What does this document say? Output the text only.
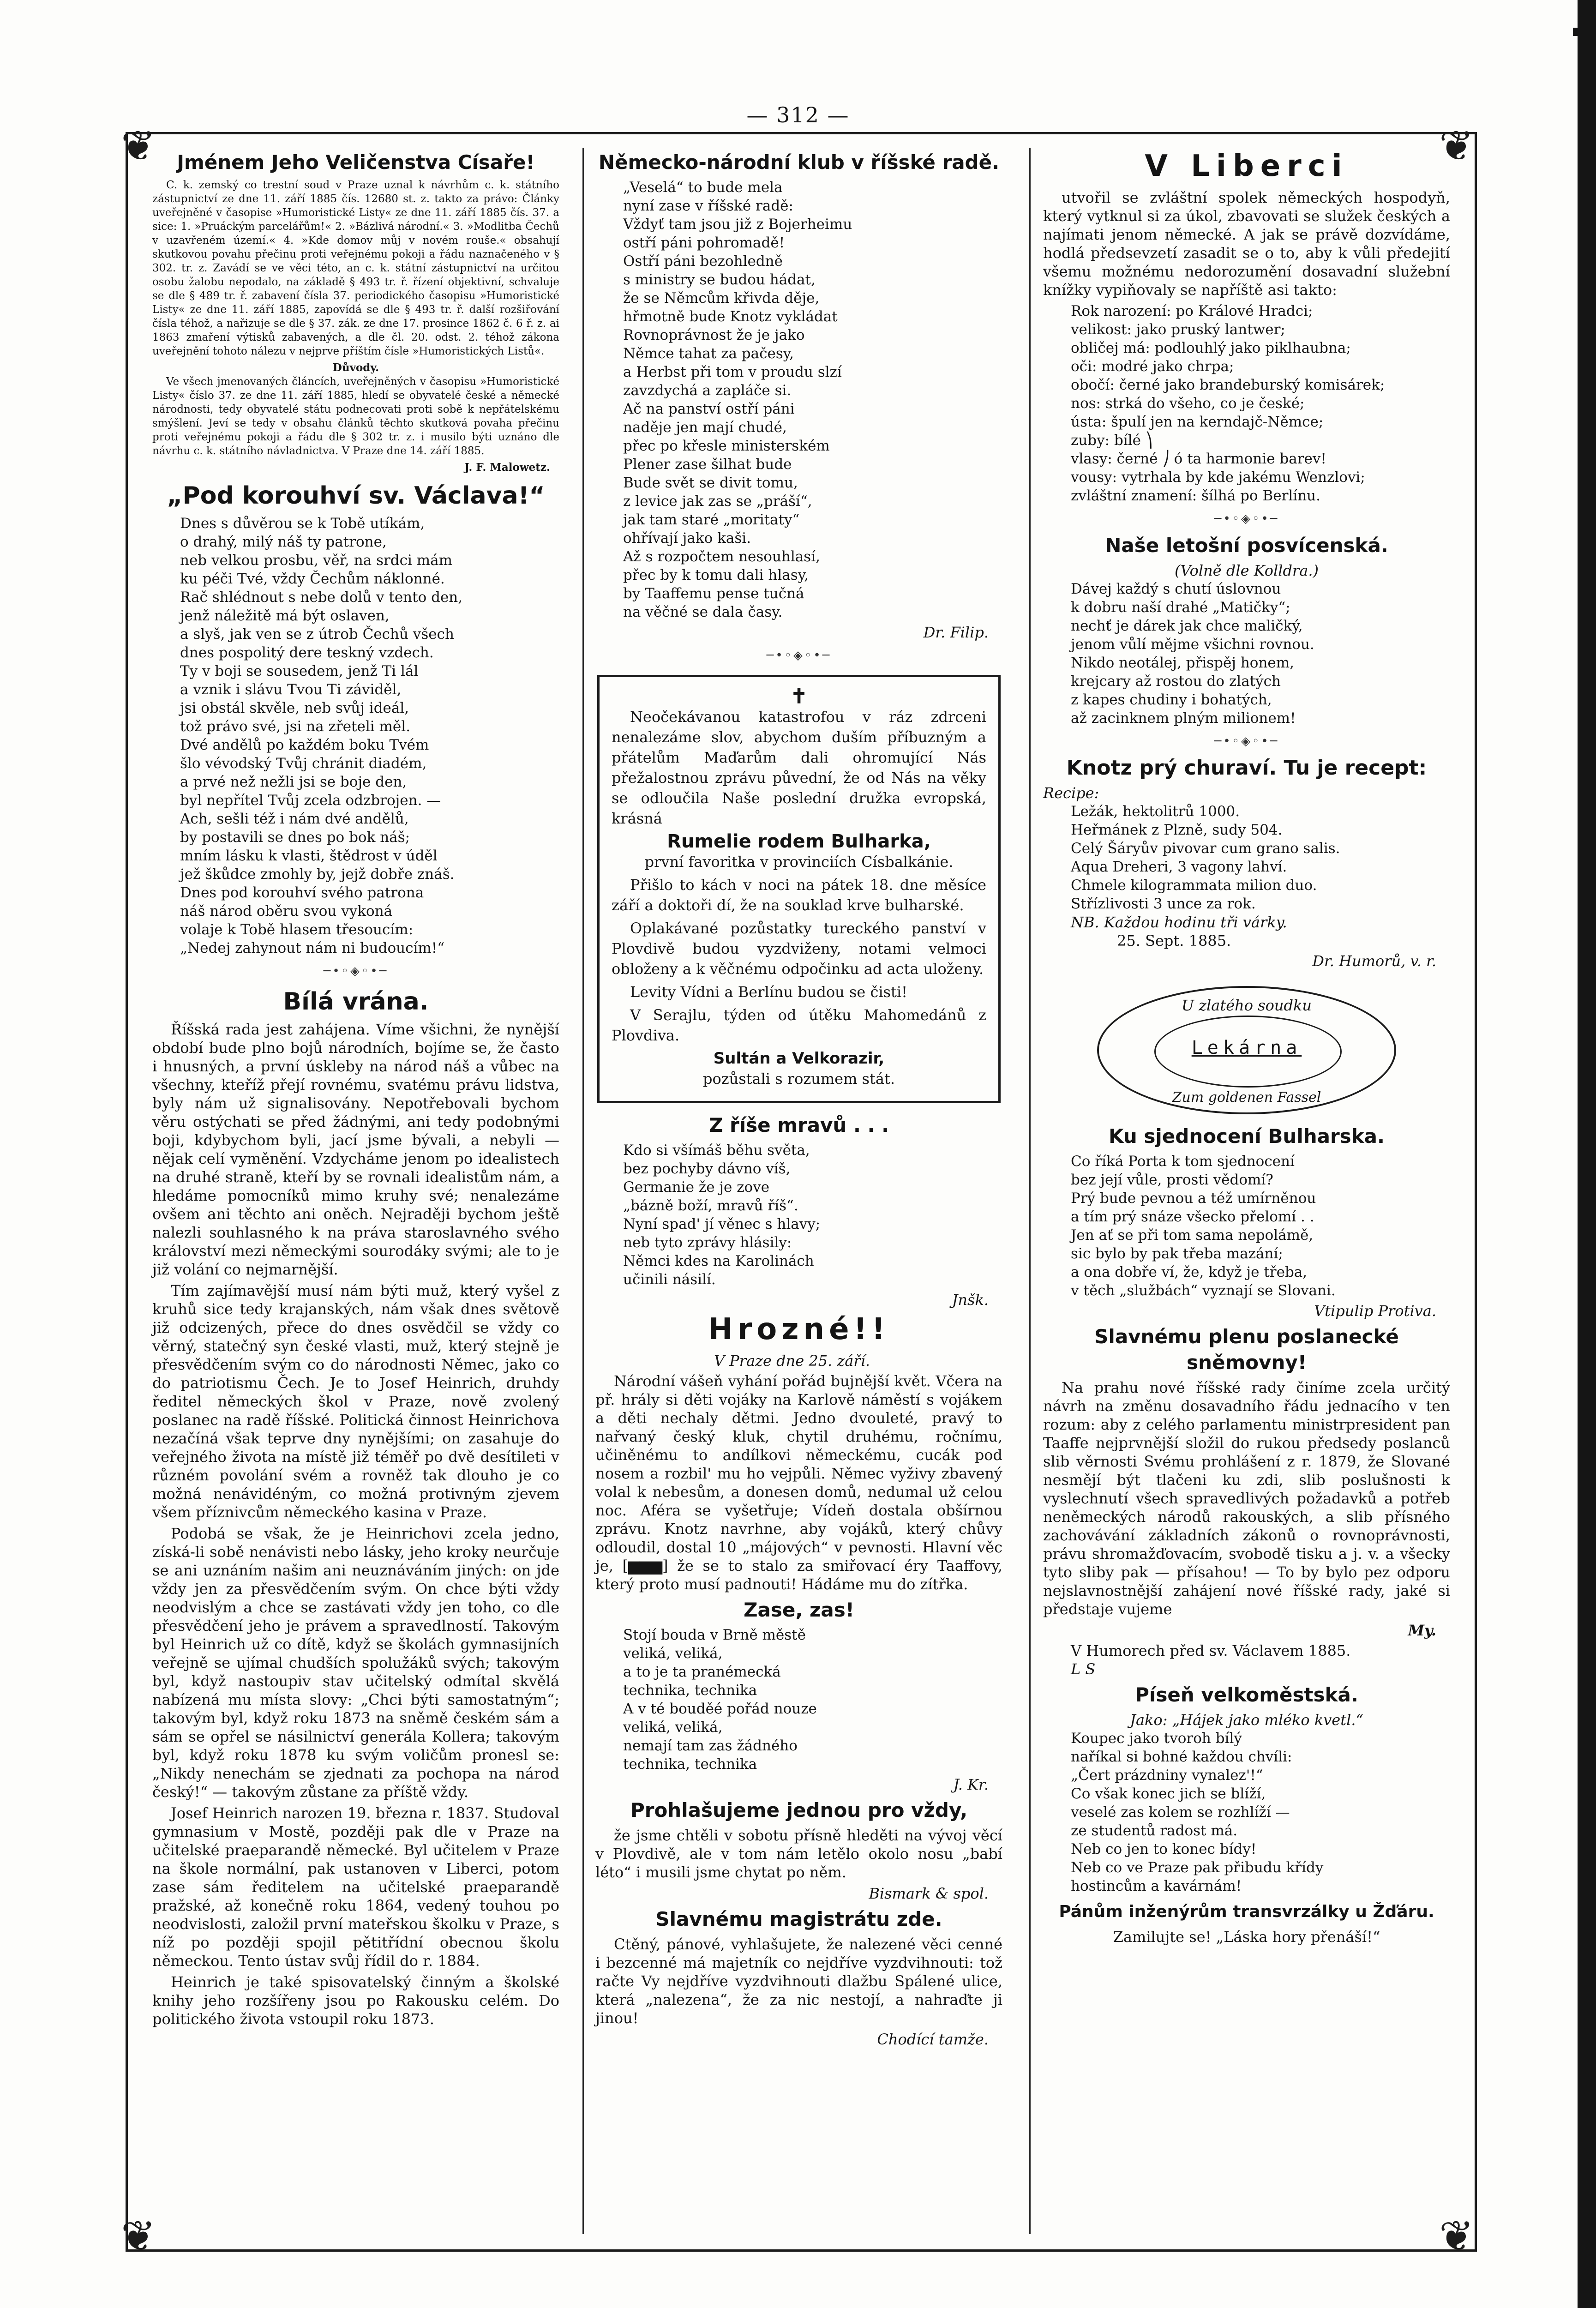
— 312 —
❦	❦
❦	❦
Jménem Jeho Veličenstva Císaře!

C. k. zemský co trestní soud v Praze uznal k návrhům c. k. státního zástupnictví ze dne 11. září 1885 čís. 12680 st. z. takto za právo: Články uveřejněné v časopise »Humoristické Listy« ze dne 11. září 1885 čís. 37. a sice: 1. »Pruáckým parcelářům!« 2. »Bázlivá národní.« 3. »Modlitba Čechů v uzavřeném území.« 4. »Kde domov můj v novém rouše.« obsahují skutkovou povahu přečinu proti veřejnému pokoji a řádu naznačeného v § 302. tr. z. Zavádí se ve věci této, an c. k. státní zástupnictví na určitou osobu žalobu nepodalo, na základě § 493 tr. ř. řízení objektivní, schvaluje se dle § 489 tr. ř. zabavení čísla 37. periodického časopisu »Humoristické Listy« ze dne 11. září 1885, zapovídá se dle § 493 tr. ř. další rozšiřování čísla téhož, a nařizuje se dle § 37. zák. ze dne 17. prosince 1862 č. 6 ř. z. ai 1863 zmaření výtisků zabavených, a dle čl. 20. odst. 2. téhož zákona uveřejnění tohoto nálezu v nejprve příštím čísle »Humoristických Listů«.

Důvody.

Ve všech jmenovaných článcích, uveřejněných v časopisu »Humoristické Listy« číslo 37. ze dne 11. září 1885, hledí se obyvatelé české a německé národnosti, tedy obyvatelé státu podnecovati proti sobě k nepřátelskému smýšlení. Jeví se tedy v obsahu článků těchto skutková povaha přečinu proti veřejnému pokoji a řádu dle § 302 tr. z. i musilo býti uznáno dle návrhu c. k. státního návladnictva. V Praze dne 14. září 1885.

J. F. Malowetz.
„Pod korouhví sv. Václava!“
Dnes s důvěrou se k Tobě utíkám,
o drahý, milý náš ty patrone,
neb velkou prosbu, věř, na srdci mám
ku péči Tvé, vždy Čechům náklonné.
Rač shlédnout s nebe dolů v tento den,
jenž náležitě má být oslaven,
a slyš, jak ven se z útrob Čechů všech
dnes pospolitý dere teskný vzdech.
Ty v boji se sousedem, jenž Ti lál
a vznik i slávu Tvou Ti záviděl,
jsi obstál skvěle, neb svůj ideál,
tož právo své, jsi na zřeteli měl.
Dvé andělů po každém boku Tvém
šlo vévodský Tvůj chránit diadém,
a prvé než nežli jsi se boje den,
byl nepřítel Tvůj zcela odzbrojen. —
Ach, sešli též i nám dvé andělů,
by postavili se dnes po bok náš;
mním lásku k vlasti, štědrost v úděl
jež škůdce zmohly by, jejž dobře znáš.
Dnes pod korouhví svého patrona
náš národ oběru svou vykoná
volaje k Tobě hlasem třesoucím:
„Nedej zahynout nám ni budoucím!“
─•◦◈◦•─
Bílá vrána.

Říšská rada jest zahájena. Víme všichni, že nynější období bude plno bojů národních, bojíme se, že často i hnusných, a první úskleby na národ náš a vůbec na všechny, kteříž přejí rovnému, svatému právu lidstva, byly nám už signalisovány. Nepotřebovali bychom věru ostýchati se před žádnými, ani tedy podobnými boji, kdybychom byli, jací jsme bývali, a nebyli — nějak celí vyměnění. Vzdycháme jenom po idealistech na druhé straně, kteří by se rovnali idealistům nám, a hledáme pomocníků mimo kruhy své; nenalezáme ovšem ani těchto ani oněch. Nejraději bychom ještě nalezli souhlasného k na práva staroslavného svého království mezi německými sourodáky svými; ale to je již volání co nejmarnější.

Tím zajímavější musí nám býti muž, který vyšel z kruhů sice tedy krajanských, nám však dnes světově již odcizených, přece do dnes osvědčil se vždy co věrný, statečný syn české vlasti, muž, který stejně je přesvědčením svým co do národnosti Němec, jako co do patriotismu Čech. Je to Josef Heinrich, druhdy ředitel německých škol v Praze, nově zvolený poslanec na radě říšské. Politická činnost Heinrichova nezačíná však teprve dny nynějšími; on zasahuje do veřejného života na místě již téměř po dvě desítileti v různém povolání svém a rovněž tak dlouho je co možná nenávidéným, co možná protivným zjevem všem příznivcům německého kasina v Praze.

Podobá se však, že je Heinrichovi zcela jedno, získá-li sobě nenávisti nebo lásky, jeho kroky neurčuje se ani uznáním našim ani neuznáváním jiných: on jde vždy jen za přesvědčením svým. On chce býti vždy neodvislým a chce se zastávati vždy jen toho, co dle přesvědčení jeho je právem a spravedlností. Takovým byl Heinrich už co dítě, když se školách gymnasijních veřejně se ujímal chudších spolužáků svých; takovým byl, když nastoupiv stav učitelský odmítal skvělá nabízená mu místa slovy: „Chci býti samostatným“; takovým byl, když roku 1873 na sněmě českém sám a sám se opřel se násilnictví generála Kollera; takovým byl, když roku 1878 ku svým voličům pronesl se: „Nikdy nenechám se zjednati za pochopa na národ český!“ — takovým zůstane za příště vždy.

Josef Heinrich narozen 19. března r. 1837. Studoval gymnasium v Mostě, později pak dle v Praze na učitelské praeparandě německé. Byl učitelem v Praze na škole normální, pak ustanoven v Liberci, potom zase sám ředitelem na učitelské praeparandě pražské, až konečně roku 1864, vedený touhou po neodvislosti, založil první mateřskou školku v Praze, s níž po později spojil pětitřídní obecnou školu německou. Tento ústav svůj řídil do r. 1884.

Heinrich je také spisovatelský činným a školské knihy jeho rozšířeny jsou po Rakousku celém. Do politického života vstoupil roku 1873.

Německo-národní klub v říšské radě.
„Veselá“ to bude mela
nyní zase v říšské radě:
Vždyť tam jsou již z Bojerheimu
ostří páni pohromadě!
Ostří páni bezohledně
s ministry se budou hádat,
že se Němcům křivda děje,
hřmotně bude Knotz vykládat
Rovnoprávnost že je jako
Němce tahat za pačesy,
a Herbst při tom v proudu slzí
zavzdychá a zapláče si.
Ač na panství ostří páni
naděje jen mají chudé,
přec po křesle ministerském
Plener zase šilhat bude
Bude svět se divit tomu,
z levice jak zas se „práší“,
jak tam staré „moritaty“
ohřívají jako kaši.
Až s rozpočtem nesouhlasí,
přec by k tomu dali hlasy,
by Taaffemu pense tučná
na věčné se dala časy.
Dr. Filip.
─•◦◈◦•─
✝

Neočekávanou katastrofou v ráz zdrceni nenalezáme slov, abychom duším příbuzným a přátelům Maďarům dali ohromující Nás přežalostnou zprávu půvední, že od Nás na věky se odloučila Naše poslední družka evropská, krásná

Rumelie rodem Bulharka,

první favoritka v provinciích Císbalkánie.

Přišlo to kách v noci na pátek 18. dne měsíce září a doktoři dí, že na souklad krve bulharské.

Oplakávané pozůstatky tureckého panství v Plovdivě budou vyzdviženy, notami velmoci obloženy a k věčnému odpočinku ad acta uloženy.

Levity Vídni a Berlínu budou se čisti!

V Serajlu, týden od útěku Mahomedánů z Plovdiva.

Sultán a Velkorazir,

pozůstali s rozumem stát.

Z říše mravů . . .
Kdo si všímáš běhu světa,
bez pochyby dávno víš,
Germanie že je zove
„bázně boží, mravů říš“.
Nyní spad' jí věnec s hlavy;
neb tyto zprávy hlásily:
Němci kdes na Karolinách
učinili násilí.
Jnšk.
Hrozné!!
V Praze dne 25. září.

Národní vášeň vyhání pořád bujnější květ. Včera na př. hrály si děti vojáky na Karlově náměstí s vojákem a děti nechaly dětmi. Jedno dvouleté, pravý to nařvaný český kluk, chytil druhému, ročnímu, učiněnému to andílkovi německému, cucák pod nosem a rozbil' mu ho vejpůli. Němec vyživy zbavený volal k nebesům, a donesen domů, nedumal už celou noc. Aféra se vyšetřuje; Vídeň dostala obšírnou zprávu. Knotz navrhne, aby vojáků, který chůvy odloudil, dostal 10 „májových“ v pevnosti. Hlavní věc je, [▆▆▆] že se to stalo za smiřovací éry Taaffovy, který proto musí padnouti! Hádáme mu do zítřka.

Zase, zas!
Stojí bouda v Brně městě
veliká, veliká,
a to je ta pranémecká
technika, technika
A v té bouděé pořád nouze
veliká, veliká,
nemají tam zas žádného
technika, technika
J. Kr.
Prohlašujeme jednou pro vždy,

že jsme chtěli v sobotu přísně hleděti na vývoj věcí v Plovdivě, ale v tom nám letělo okolo nosu „babí léto“ i musili jsme chytat po něm.

Bismark & spol.
Slavnému magistrátu zde.

Ctěný, pánové, vyhlašujete, že nalezené věci cenné i bezcenné má majetník co nejdříve vyzdvihnouti: tož račte Vy nejdříve vyzdvihnouti dlažbu Spálené ulice, která „nalezena“, že za nic nestojí, a nahraďte ji jinou!

Chodící tamže.
V Liberci

utvořil se zvláštní spolek německých hospodyň, který vytknul si za úkol, zbavovati se služek českých a najímati jenom německé. A jak se právě dozvídáme, hodlá předsevzetí zasadit se o to, aby k vůli předejití všemu možnému nedorozumění dosavadní služební knížky vypiňovaly se napříště asi takto:

Rok narození: po Králové Hradci;
velikost: jako pruský lantwer;
obličej má: podlouhlý jako piklhaubna;
oči: modré jako chrpa;
obočí: černé jako brandeburský komisárek;
nos: strká do všeho, co je české;
ústa: špulí jen na kerndajč-Němce;
zuby: bílé ⎞
vlasy: černé ⎠ ó ta harmonie barev!
vousy: vytrhala by kde jakému Wenzlovi;
zvláštní znamení: šílhá po Berlínu.
─•◦◈◦•─
Naše letošní posvícenská.
(Volně dle Kolldra.)
Dávej každý s chutí úslovnou
k dobru naší drahé „Matičky“;
nechť je dárek jak chce maličký,
jenom vůlí mějme všichni rovnou.
Nikdo neotálej, přispěj honem,
krejcary až rostou do zlatých
z kapes chudiny i bohatých,
až zacinknem plným milionem!
─•◦◈◦•─
Knotz prý churaví. Tu je recept:
Recipe:
Ležák, hektolitrů 1000.
Heřmánek z Plzně, sudy 504.
Celý Šáryův pivovar cum grano salis.
Aqua Dreheri, 3 vagony lahví.
Chmele kilogrammata milion duo.
Střízlivosti 3 unce za rok.
NB. Každou hodinu tři várky.
25. Sept. 1885.
Dr. Humorů, v. r.
U zlatého soudku
Lekárna
Zum goldenen Fassel
Ku sjednocení Bulharska.
Co říká Porta k tom sjednocení
bez její vůle, prosti vědomí?
Prý bude pevnou a též umírněnou
a tím prý snáze všecko přelomí . .
Jen ať se při tom sama nepolámě,
sic bylo by pak třeba mazání;
a ona dobře ví, že, když je třeba,
v těch „službách“ vyznají se Slovani.
Vtipulip Protiva.
Slavnému plenu poslanecké sněmovny!

Na prahu nové říšské rady činíme zcela určitý návrh na změnu dosavadního řádu jednacího v ten rozum: aby z celého parlamentu ministrpresident pan Taaffe nejprvnější složil do rukou předsedy poslanců slib věrnosti Svému prohlášení z r. 1879, že Slované nesmějí být tlačeni ku zdi, slib poslušnosti k vyslechnutí všech spravedlivých požadavků a potřeb neněmeckých národů rakouských, a slib přísného zachovávání základních zákonů o rovnoprávnosti, právu shromažďovacím, svobodě tisku a j. v. a všecky tyto sliby pak — přísahou! — To by bylo pez odporu nejslavnostnější zahájení nové říšské rady, jaké si předstaje vujeme

My.
V Humorech před sv. Václavem 1885.
L S
Píseň velkoměstská.
Jako: „Hájek jako mléko kvetl.“
Koupec jako tvoroh bílý
naříkal si bohné každou chvíli:
„Čert prázdniny vynalez'!“
Co však konec jich se blíží,
veselé zas kolem se rozhlíží —
ze studentů radost má.
Neb co jen to konec bídy!
Neb co ve Praze pak přibudu křídy
hostincům a kavárnám!
Pánům inženýrům transvrzálky u Žďáru.
Zamilujte se! „Láska hory přenáší!“
